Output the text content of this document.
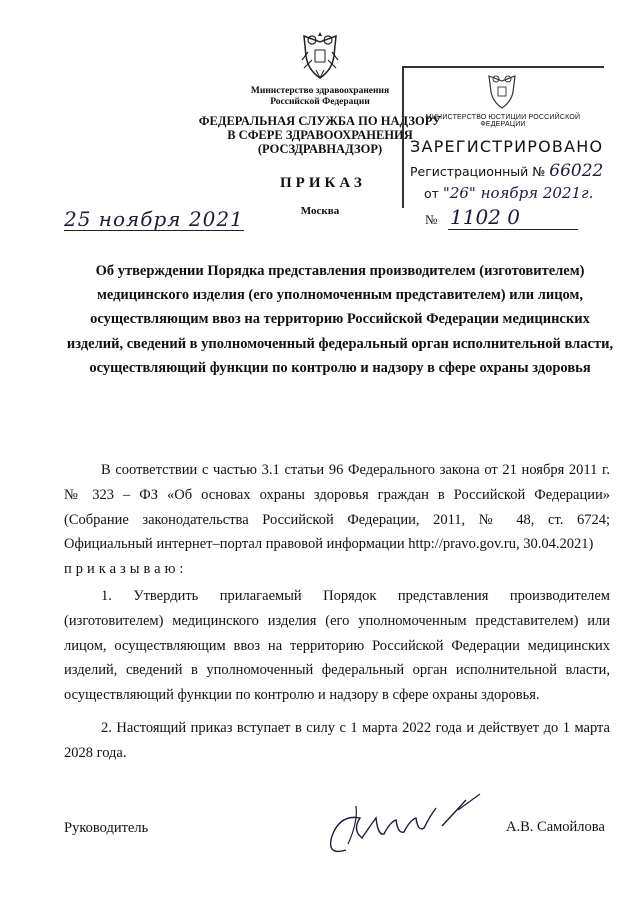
Министерство здравоохранения
Российской Федерации
ФЕДЕРАЛЬНАЯ СЛУЖБА ПО НАДЗОРУ
В СФЕРЕ ЗДРАВООХРАНЕНИЯ
(РОСЗДРАВНАДЗОР)
ПРИКАЗ
Москва
МИНИСТЕРСТВО ЮСТИЦИИ РОССИЙСКОЙ ФЕДЕРАЦИИ
ЗАРЕГИСТРИРОВАНО
Регистрационный № 66022
от "26" ноября 2021г.
25 ноября 2021	№ 1102 0
Об утверждении Порядка представления производителем (изготовителем) медицинского изделия (его уполномоченным представителем) или лицом, осуществляющим ввоз на территорию Российской Федерации медицинских изделий, сведений в уполномоченный федеральный орган исполнительной власти, осуществляющий функции по контролю и надзору в сфере охраны здоровья
В соответствии с частью 3.1 статьи 96 Федерального закона от 21 ноября 2011 г. № 323 – ФЗ «Об основах охраны здоровья граждан в Российской Федерации» (Собрание законодательства Российской Федерации, 2011, № 48, ст. 6724; Официальный интернет–портал правовой информации http://pravo.gov.ru, 30.04.2021)
приказываю:
1. Утвердить прилагаемый Порядок представления производителем (изготовителем) медицинского изделия (его уполномоченным представителем) или лицом, осуществляющим ввоз на территорию Российской Федерации медицинских изделий, сведений в уполномоченный федеральный орган исполнительной власти, осуществляющий функции по контролю и надзору в сфере охраны здоровья.
2. Настоящий приказ вступает в силу с 1 марта 2022 года и действует до 1 марта 2028 года.
Руководитель	А.В. Самойлова
